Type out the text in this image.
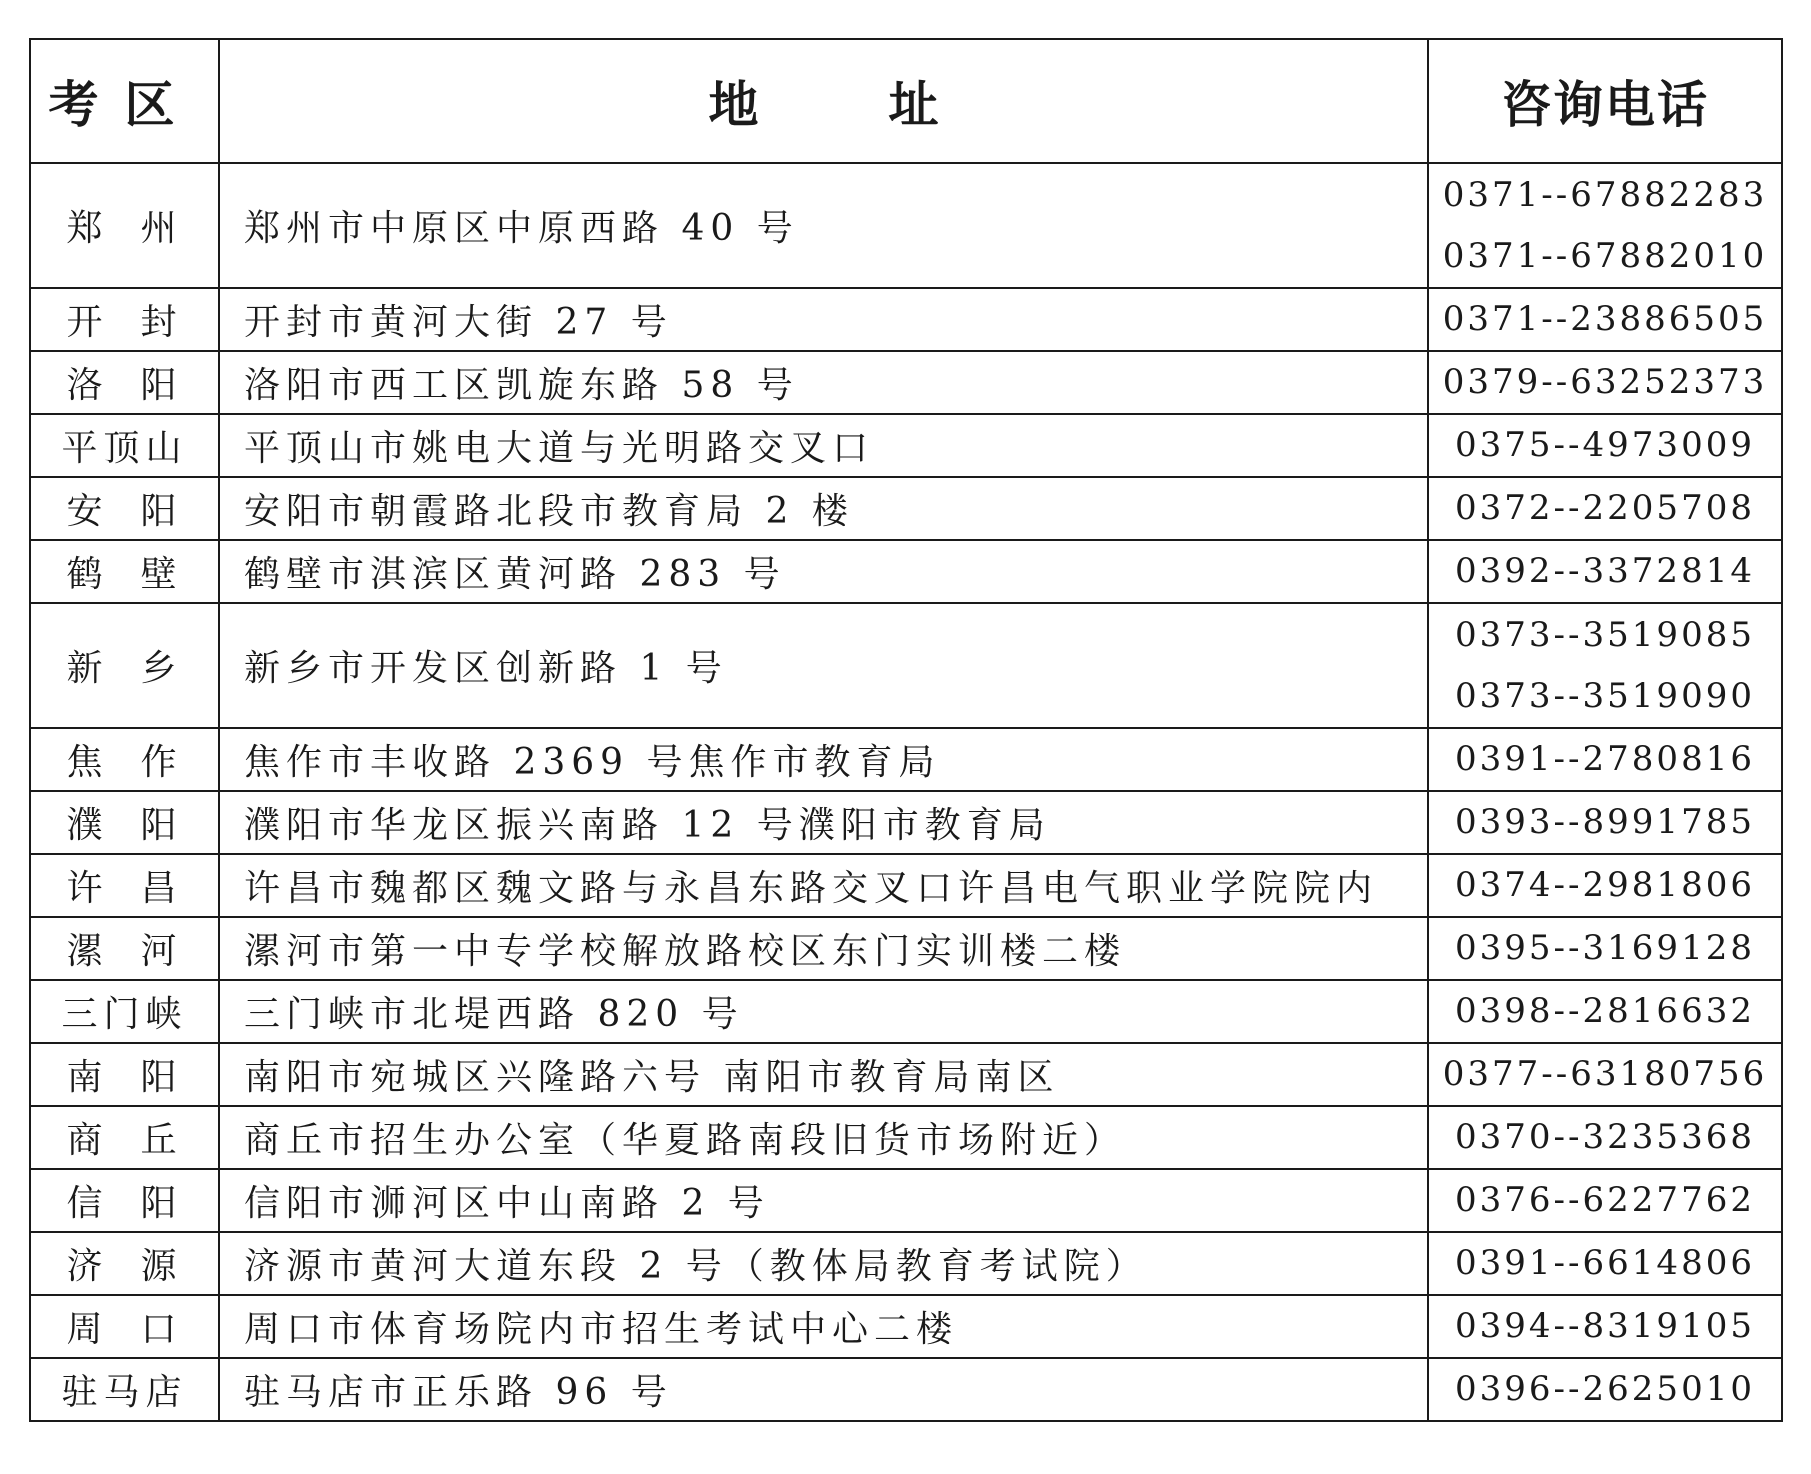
考区	地 址	咨询电话
郑州	郑州市中原区中原西路 40 号	0371--67882283
0371--67882010

开封	开封市黄河大街 27 号	0371--23886505

洛阳	洛阳市西工区凯旋东路 58 号	0379--63252373

平顶山	平顶山市姚电大道与光明路交叉口	0375--4973009

安阳	安阳市朝霞路北段市教育局 2 楼	0372--2205708

鹤壁	鹤壁市淇滨区黄河路 283 号	0392--3372814

新乡	新乡市开发区创新路 1 号	0373--3519085
0373--3519090

焦作	焦作市丰收路 2369 号焦作市教育局	0391--2780816

濮阳	濮阳市华龙区振兴南路 12 号濮阳市教育局	0393--8991785

许昌	许昌市魏都区魏文路与永昌东路交叉口许昌电气职业学院院内	0374--2981806

漯河	漯河市第一中专学校解放路校区东门实训楼二楼	0395--3169128

三门峡	三门峡市北堤西路 820 号	0398--2816632

南阳	南阳市宛城区兴隆路六号 南阳市教育局南区	0377--63180756

商丘	商丘市招生办公室（华夏路南段旧货市场附近）	0370--3235368

信阳	信阳市浉河区中山南路 2 号	0376--6227762

济源	济源市黄河大道东段 2 号（教体局教育考试院）	0391--6614806

周口	周口市体育场院内市招生考试中心二楼	0394--8319105

驻马店	驻马店市正乐路 96 号	0396--2625010
